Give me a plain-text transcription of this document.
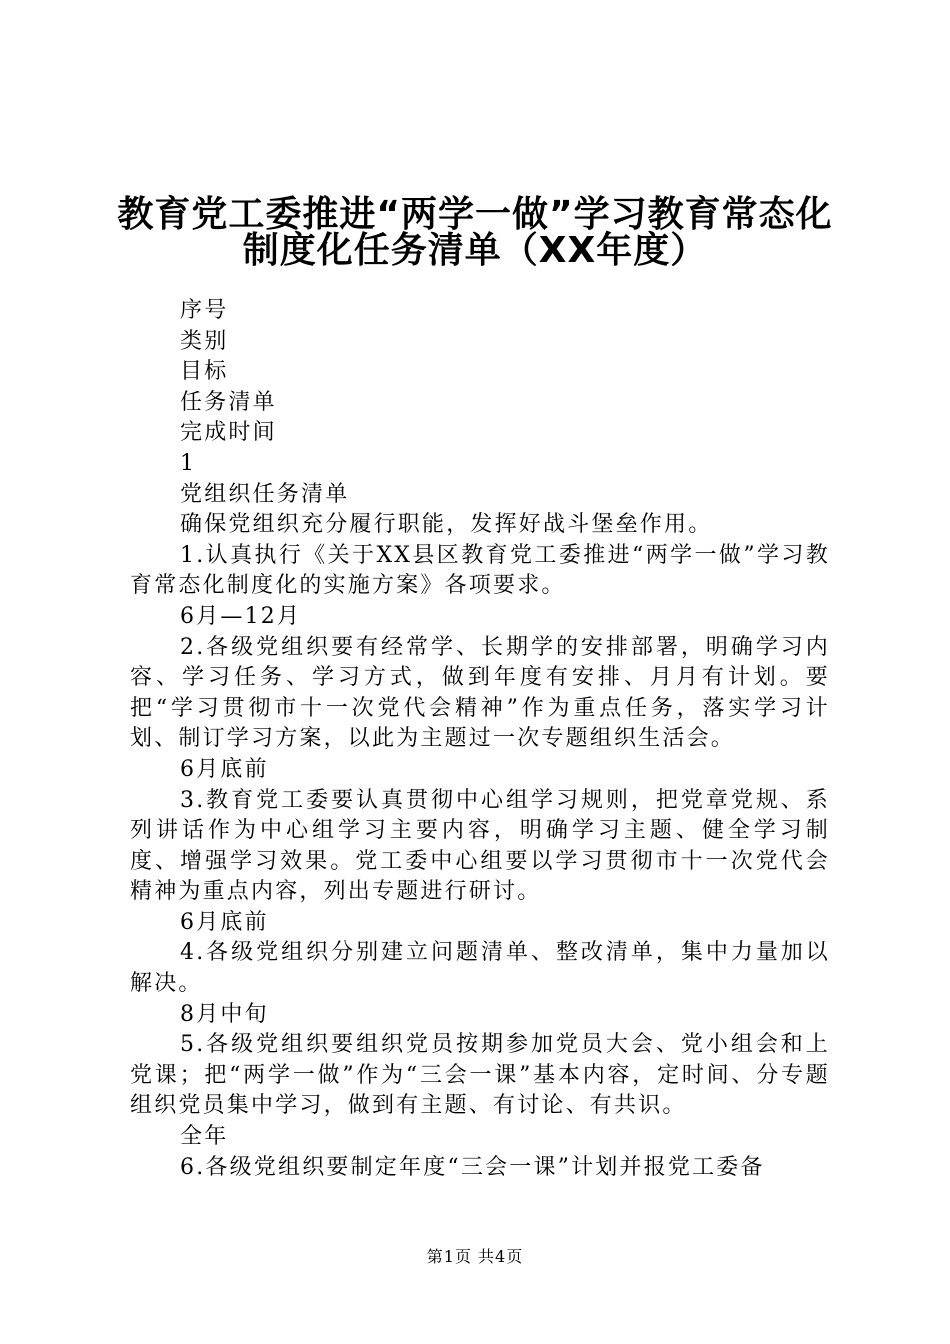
教育党工委推进“两学一做”学习教育常态化
制度化任务清单（XX年度）

序号

类别

目标

任务清单

完成时间

1

党组织任务清单

确保党组织充分履行职能，发挥好战斗堡垒作用。

1.认真执行《关于XX县区教育党工委推进“两学一做”学习教育常态化制度化的实施方案》各项要求。

6月—12月

2.各级党组织要有经常学、长期学的安排部署，明确学习内容、学习任务、学习方式，做到年度有安排、月月有计划。要把“学习贯彻市十一次党代会精神”作为重点任务，落实学习计划、制订学习方案，以此为主题过一次专题组织生活会。

6月底前

3.教育党工委要认真贯彻中心组学习规则，把党章党规、系列讲话作为中心组学习主要内容，明确学习主题、健全学习制度、增强学习效果。党工委中心组要以学习贯彻市十一次党代会精神为重点内容，列出专题进行研讨。

6月底前

4.各级党组织分别建立问题清单、整改清单，集中力量加以解决。

8月中旬

5.各级党组织要组织党员按期参加党员大会、党小组会和上党课；把“两学一做”作为“三会一课”基本内容，定时间、分专题组织党员集中学习，做到有主题、有讨论、有共识。

全年

6.各级党组织要制定年度“三会一课”计划并报党工委备

第1页 共4页
